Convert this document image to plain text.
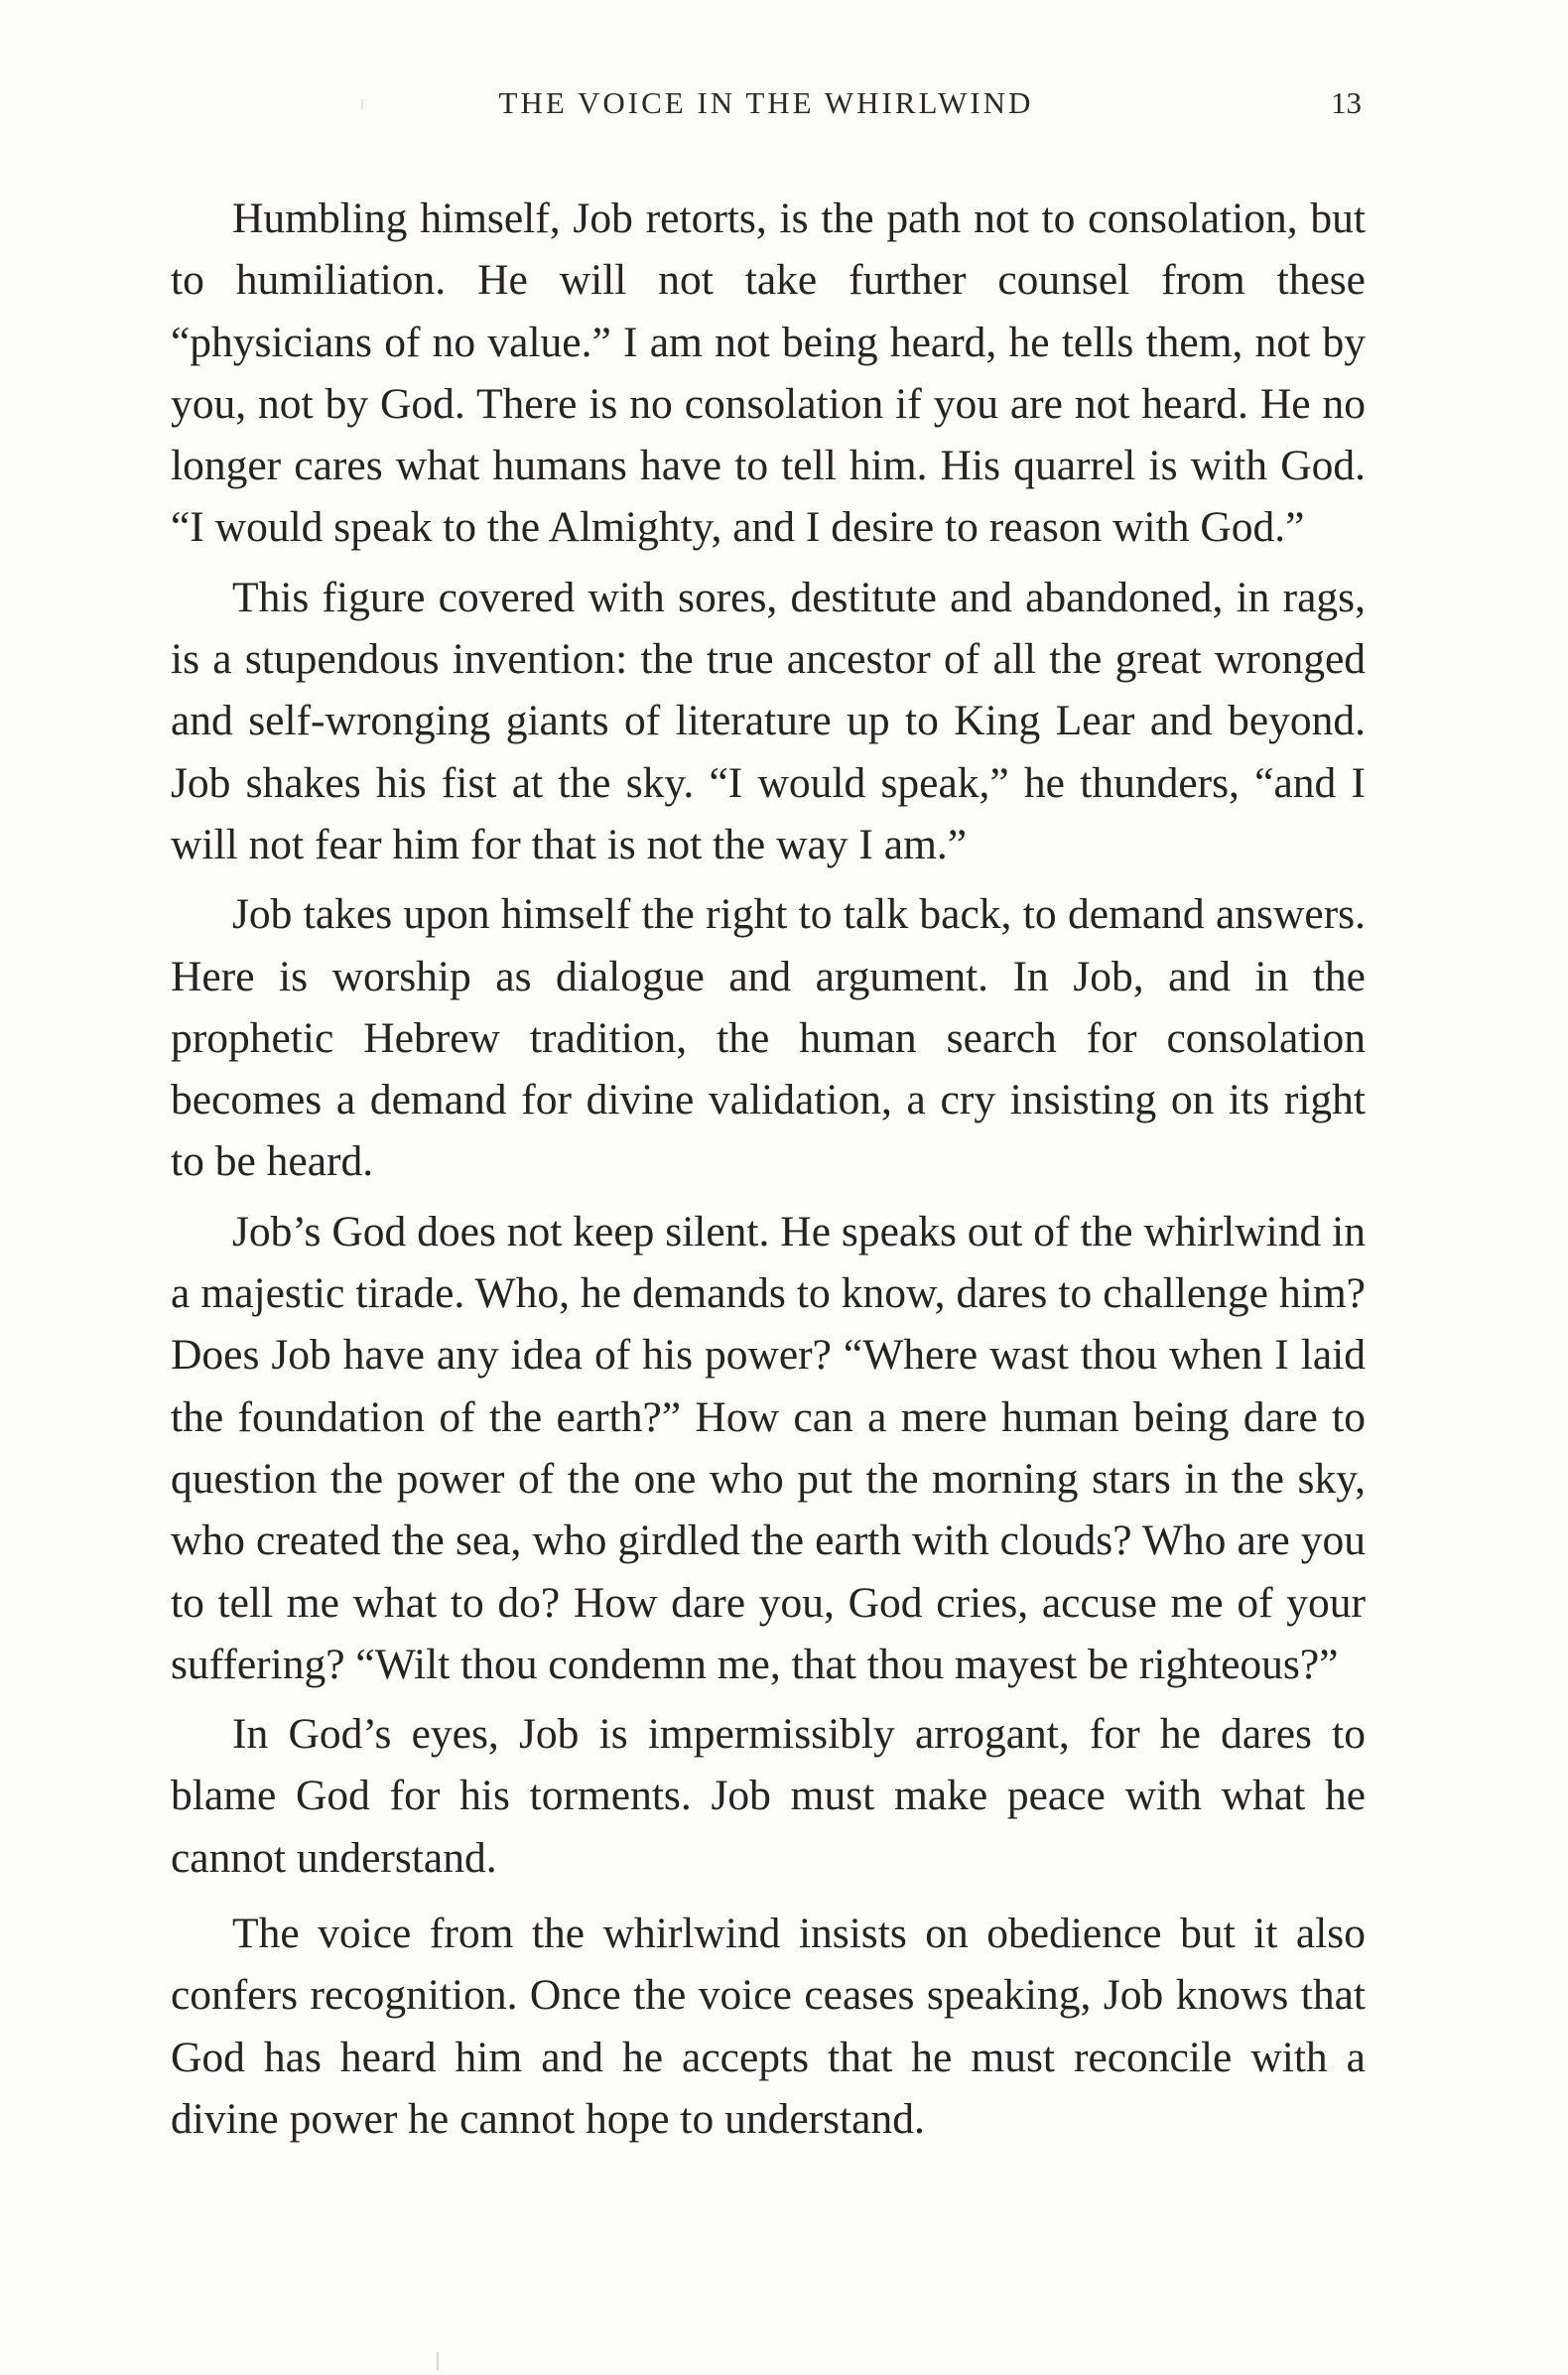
THE VOICE IN THE WHIRLWIND	13

Humbling himself, Job retorts, is the path not to consolation, but to humiliation. He will not take further counsel from these “physicians of no value.” I am not being heard, he tells them, not by you, not by God. There is no consolation if you are not heard. He no longer cares what humans have to tell him. His quarrel is with God. “I would speak to the Almighty, and I desire to reason with God.”

This figure covered with sores, destitute and abandoned, in rags, is a stupendous invention: the true ancestor of all the great wronged and self-wronging giants of literature up to King Lear and beyond. Job shakes his fist at the sky. “I would speak,” he thunders, “and I will not fear him for that is not the way I am.”

Job takes upon himself the right to talk back, to demand answers. Here is worship as dialogue and argument. In Job, and in the prophetic Hebrew tradition, the human search for consolation becomes a demand for divine validation, a cry insisting on its right to be heard.

Job’s God does not keep silent. He speaks out of the whirlwind in a majestic tirade. Who, he demands to know, dares to challenge him? Does Job have any idea of his power? “Where wast thou when I laid the foundation of the earth?” How can a mere human being dare to question the power of the one who put the morning stars in the sky, who created the sea, who girdled the earth with clouds? Who are you to tell me what to do? How dare you, God cries, accuse me of your suffering? “Wilt thou condemn me, that thou mayest be righteous?”

In God’s eyes, Job is impermissibly arrogant, for he dares to blame God for his torments. Job must make peace with what he cannot understand.

The voice from the whirlwind insists on obedience but it also confers recognition. Once the voice ceases speaking, Job knows that God has heard him and he accepts that he must reconcile with a divine power he cannot hope to understand.
